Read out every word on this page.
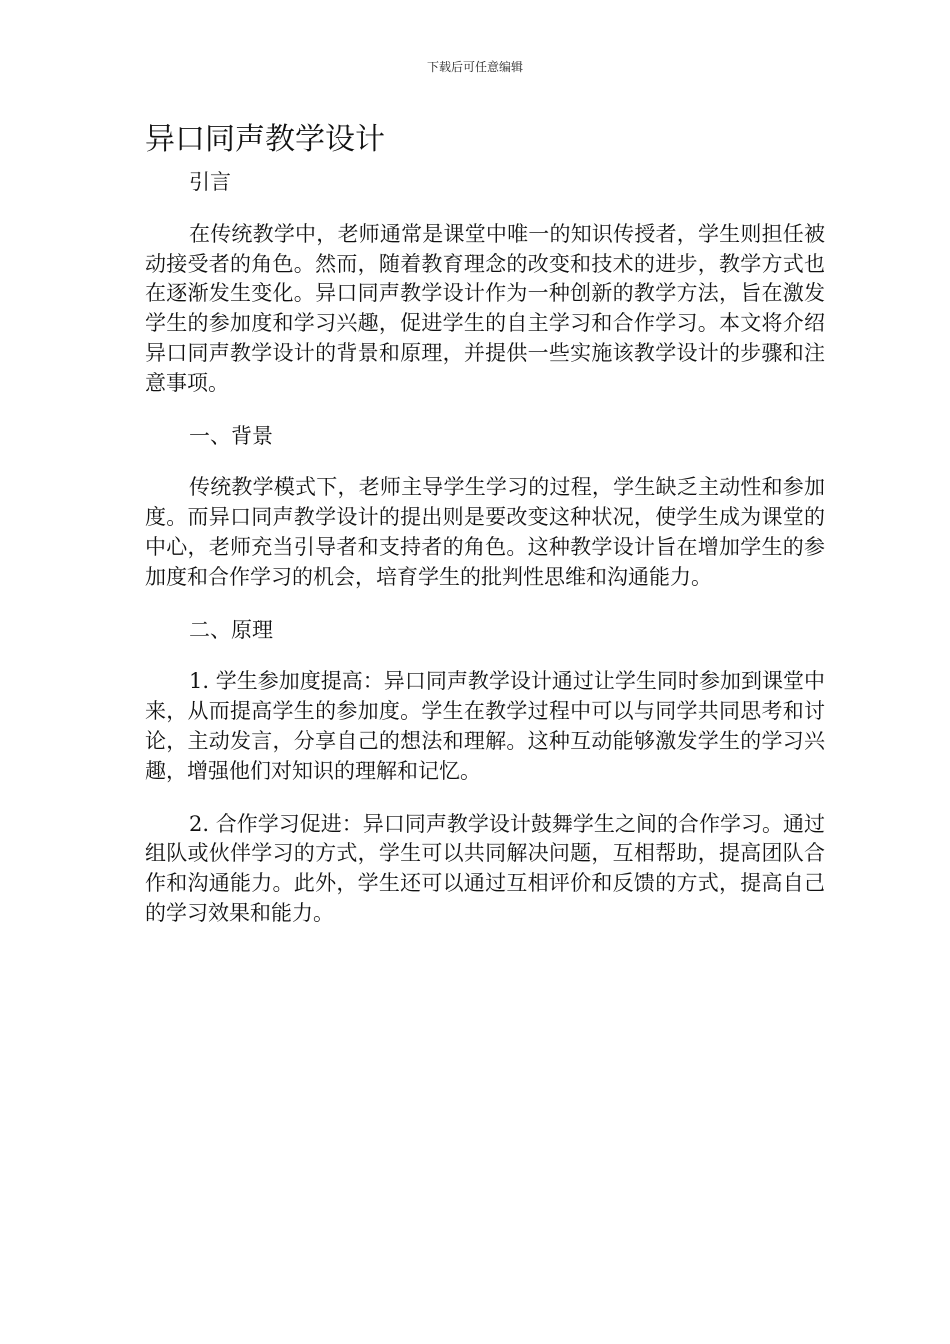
下载后可任意编辑
异口同声教学设计
引言

在传统教学中，老师通常是课堂中唯一的知识传授者，学生则担任被动接受者的角色。然而，随着教育理念的改变和技术的进步，教学方式也在逐渐发生变化。异口同声教学设计作为一种创新的教学方法，旨在激发学生的参加度和学习兴趣，促进学生的自主学习和合作学习。本文将介绍异口同声教学设计的背景和原理，并提供一些实施该教学设计的步骤和注意事项。

一、背景

传统教学模式下，老师主导学生学习的过程，学生缺乏主动性和参加度。而异口同声教学设计的提出则是要改变这种状况，使学生成为课堂的中心，老师充当引导者和支持者的角色。这种教学设计旨在增加学生的参加度和合作学习的机会，培育学生的批判性思维和沟通能力。

二、原理

1. 学生参加度提高：异口同声教学设计通过让学生同时参加到课堂中来，从而提高学生的参加度。学生在教学过程中可以与同学共同思考和讨论，主动发言，分享自己的想法和理解。这种互动能够激发学生的学习兴趣，增强他们对知识的理解和记忆。

2. 合作学习促进：异口同声教学设计鼓舞学生之间的合作学习。通过组队或伙伴学习的方式，学生可以共同解决问题，互相帮助，提高团队合作和沟通能力。此外，学生还可以通过互相评价和反馈的方式，提高自己的学习效果和能力。
